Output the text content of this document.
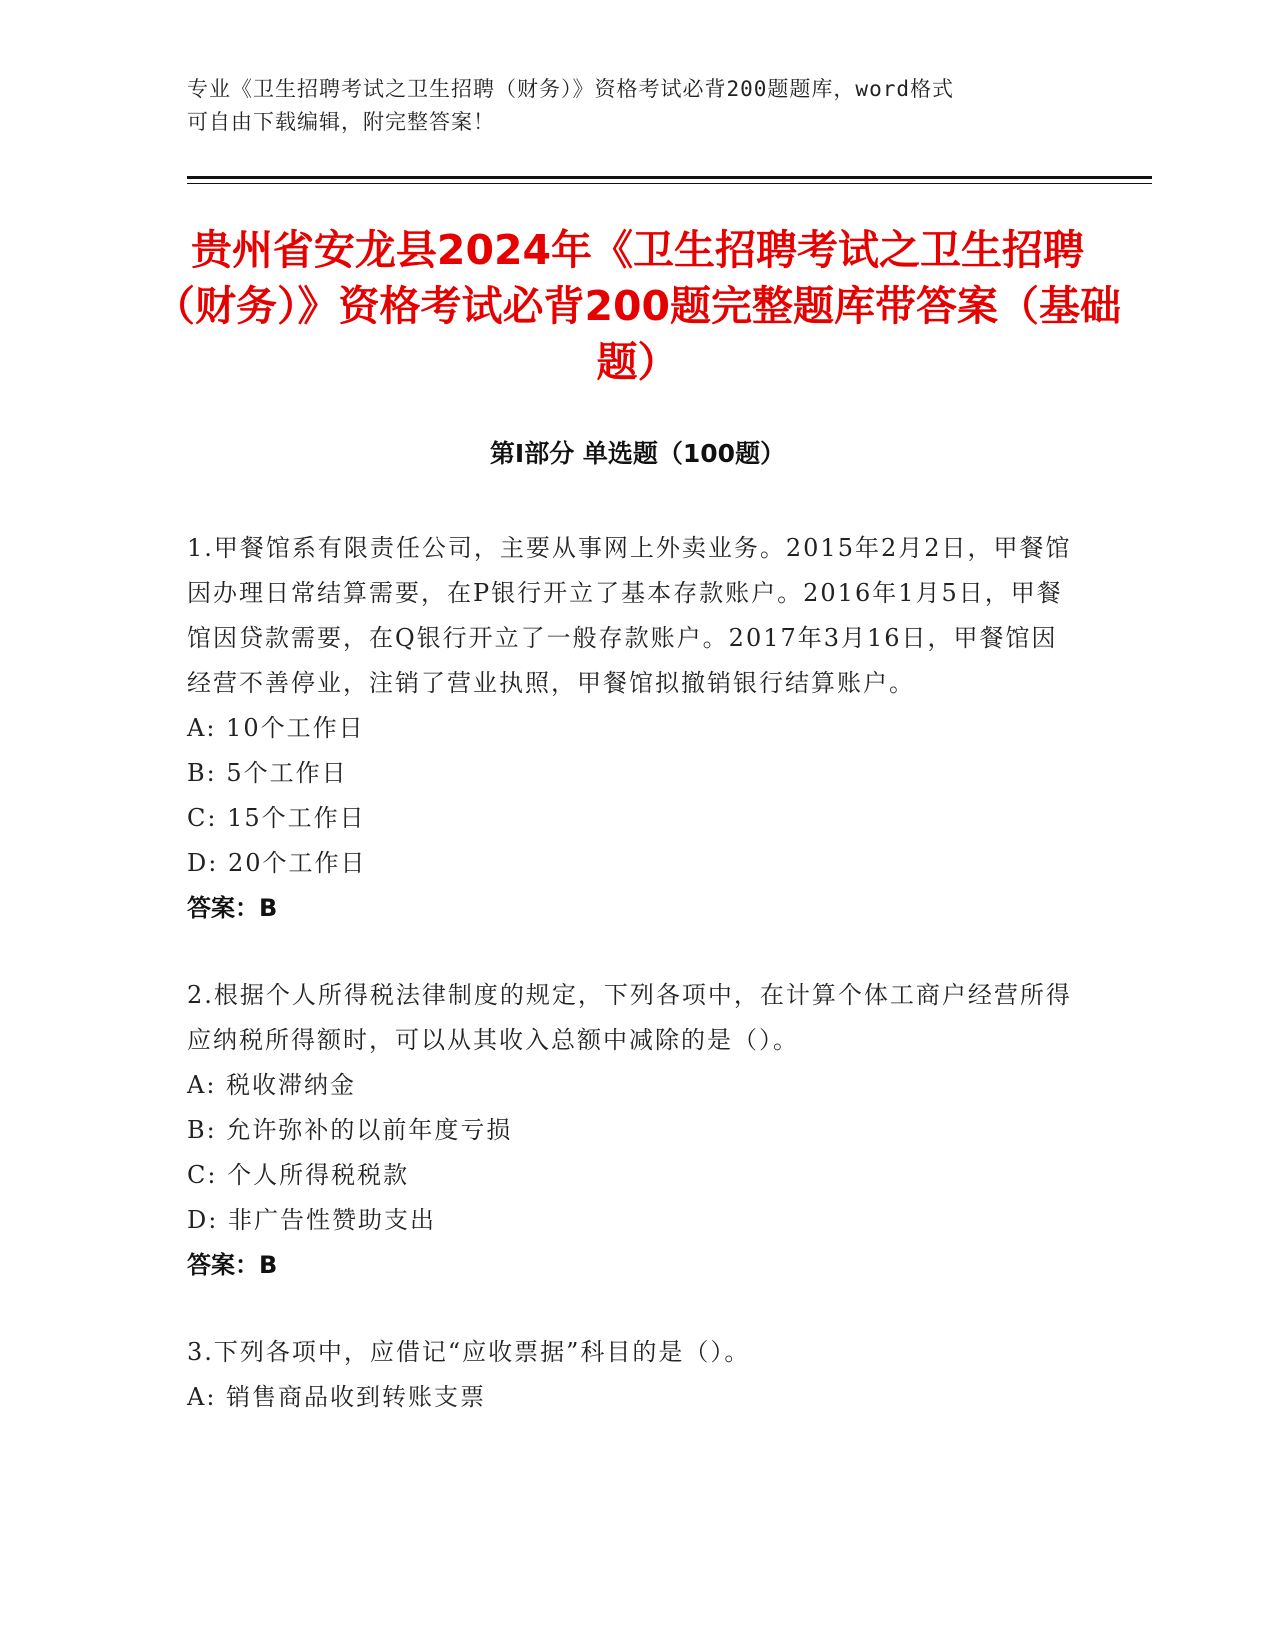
专业《卫生招聘考试之卫生招聘（财务）》资格考试必背200题题库，word格式

可自由下载编辑，附完整答案！

贵州省安龙县2024年《卫生招聘考试之卫生招聘（财务）》资格考试必背200题完整题库带答案（基础题）
第Ⅰ部分 单选题（100题）

1.甲餐馆系有限责任公司，主要从事网上外卖业务。2015年2月2日，甲餐馆因办理日常结算需要，在P银行开立了基本存款账户。2016年1月5日，甲餐馆因贷款需要，在Q银行开立了一般存款账户。2017年3月16日，甲餐馆因经营不善停业，注销了营业执照，甲餐馆拟撤销银行结算账户。

A: 10个工作日

B: 5个工作日

C: 15个工作日

D: 20个工作日

答案：B

2.根据个人所得税法律制度的规定，下列各项中，在计算个体工商户经营所得应纳税所得额时，可以从其收入总额中减除的是（）。

A: 税收滞纳金

B: 允许弥补的以前年度亏损

C: 个人所得税税款

D: 非广告性赞助支出

答案：B

3.下列各项中，应借记“应收票据”科目的是（）。

A: 销售商品收到转账支票
